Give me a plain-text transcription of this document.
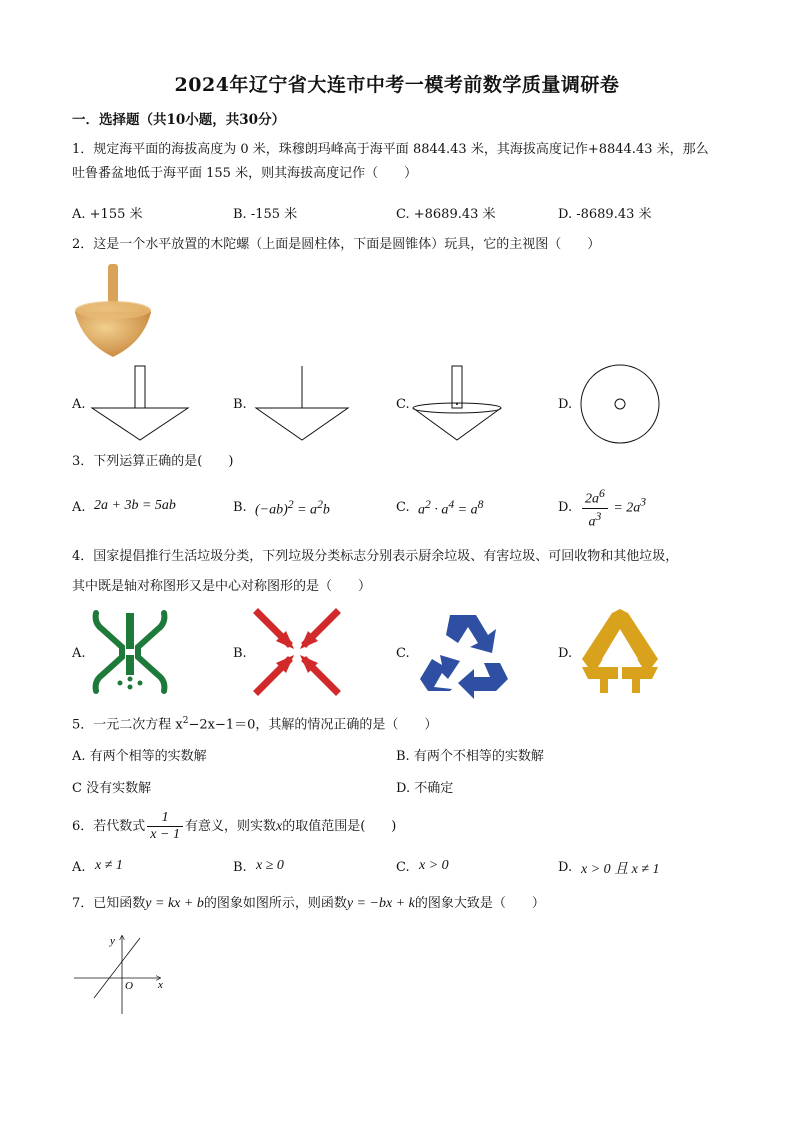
2024年辽宁省大连市中考一模考前数学质量调研卷
一．选择题（共10小题，共30分）
1．规定海平面的海拔高度为 0 米，珠穆朗玛峰高于海平面 8844.43 米，其海拔高度记作+8844.43 米，那么
吐鲁番盆地低于海平面 155 米，则其海拔高度记作（　　）
A. +155 米	B. -155 米	C. +8689.43 米	D. -8689.43 米
2．这是一个水平放置的木陀螺（上面是圆柱体，下面是圆锥体）玩具，它的主视图（　　）
A.	B.	C.	D.
3．下列运算正确的是(　　)
A. 2a + 3b = 5ab	B. $(-ab)^2 = a^2b$	C. $a^2 \cdot a^4 = a^8$	D. $\frac{2a^6}{a^3} = 2a^3$
4．国家提倡推行生活垃圾分类，下列垃圾分类标志分别表示厨余垃圾、有害垃圾、可回收物和其他垃圾，
其中既是轴对称图形又是中心对称图形的是（　　）
A.	B.	C.	D.
5．一元二次方程 $x^2-2x-1=0$，其解的情况正确的是（　　）
A. 有两个相等的实数解	B. 有两个不相等的实数解
C 没有实数解	D. 不确定
6．若代数式 $\frac{1}{x - 1}$ 有意义，则实数x的取值范围是(　　)
A. x ≠ 1	B. x ≥ 0	C. x > 0	D. x > 0 且 x ≠ 1
7．已知函数y = kx + b的图象如图所示，则函数y = −bx + k的图象大致是（　　）
y
x
O
